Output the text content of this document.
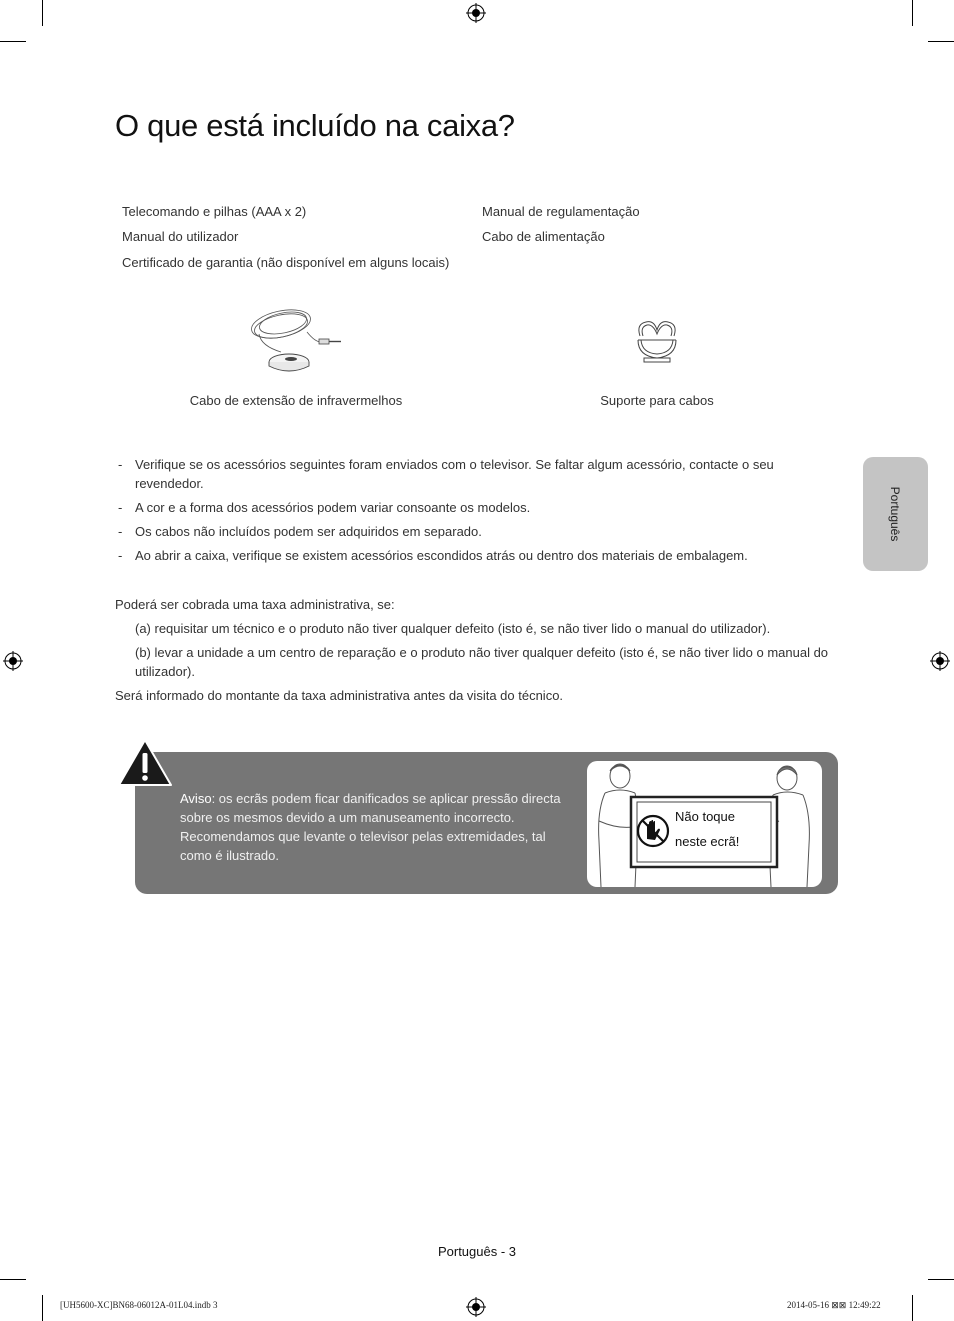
O que está incluído na caixa?
Telecomando e pilhas (AAA x 2)
Manual do utilizador
Certificado de garantia (não disponível em alguns locais)
Manual de regulamentação
Cabo de alimentação
Cabo de extensão de infravermelhos	Suporte para cabos
- Verifique se os acessórios seguintes foram enviados com o televisor. Se faltar algum acessório, contacte o seu revendedor.
- A cor e a forma dos acessórios podem variar consoante os modelos.
- Os cabos não incluídos podem ser adquiridos em separado.
- Ao abrir a caixa, verifique se existem acessórios escondidos atrás ou dentro dos materiais de embalagem.

Poderá ser cobrada uma taxa administrativa, se:

(a) requisitar um técnico e o produto não tiver qualquer defeito (isto é, se não tiver lido o manual do utilizador).

(b) levar a unidade a um centro de reparação e o produto não tiver qualquer defeito (isto é, se não tiver lido o manual do utilizador).

Será informado do montante da taxa administrativa antes da visita do técnico.

Aviso: os ecrãs podem ficar danificados se aplicar pressão directa sobre os mesmos devido a um manuseamento incorrecto. Recomendamos que levante o televisor pelas extremidades, tal como é ilustrado.
Não toque
neste ecrã!
Português
Português - 3
[UH5600-XC]BN68-06012A-01L04.indb 3	2014-05-16 ⊠⊠ 12:49:22
